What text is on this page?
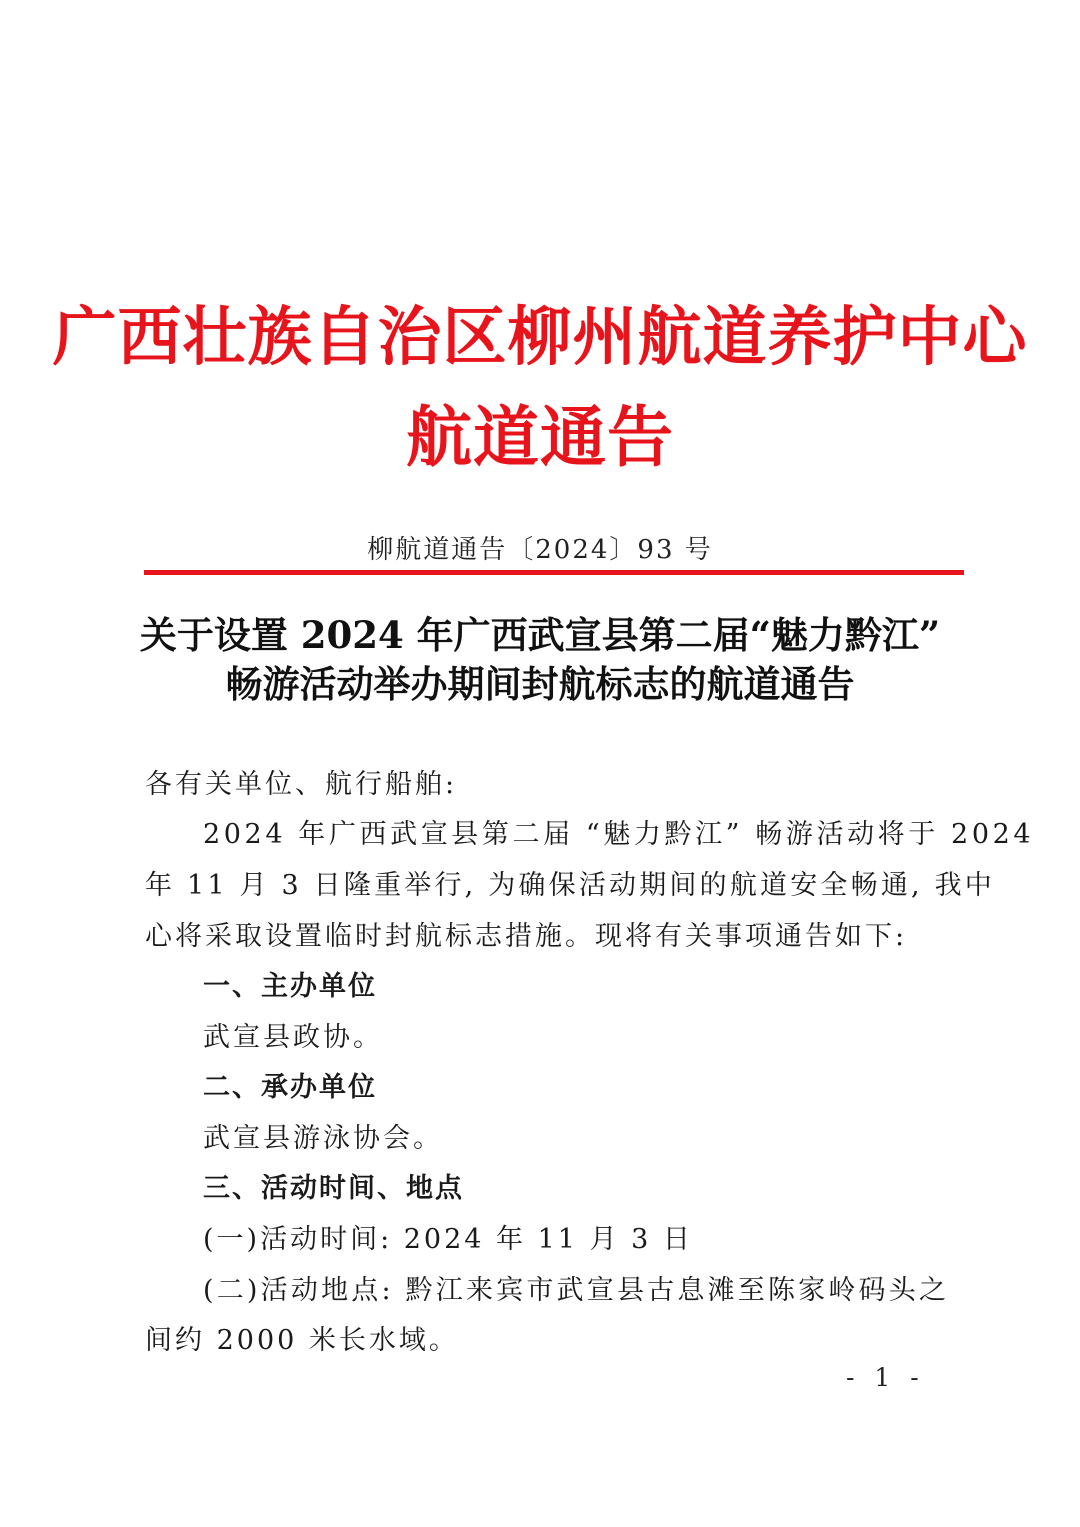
广西壮族自治区柳州航道养护中心
航道通告
柳航道通告〔2024〕93 号
关于设置 2024 年广西武宣县第二届“魅力黔江”
畅游活动举办期间封航标志的航道通告
各有关单位、航行船舶:
2024 年广西武宣县第二届 “魅力黔江” 畅游活动将于 2024
年 11 月 3 日隆重举行, 为确保活动期间的航道安全畅通, 我中
心将采取设置临时封航标志措施。现将有关事项通告如下:
一、主办单位
武宣县政协。
二、承办单位
武宣县游泳协会。
三、活动时间、地点
(一)活动时间: 2024 年 11 月 3 日
(二)活动地点: 黔江来宾市武宣县古息滩至陈家岭码头之
间约 2000 米长水域。
- 1 -
